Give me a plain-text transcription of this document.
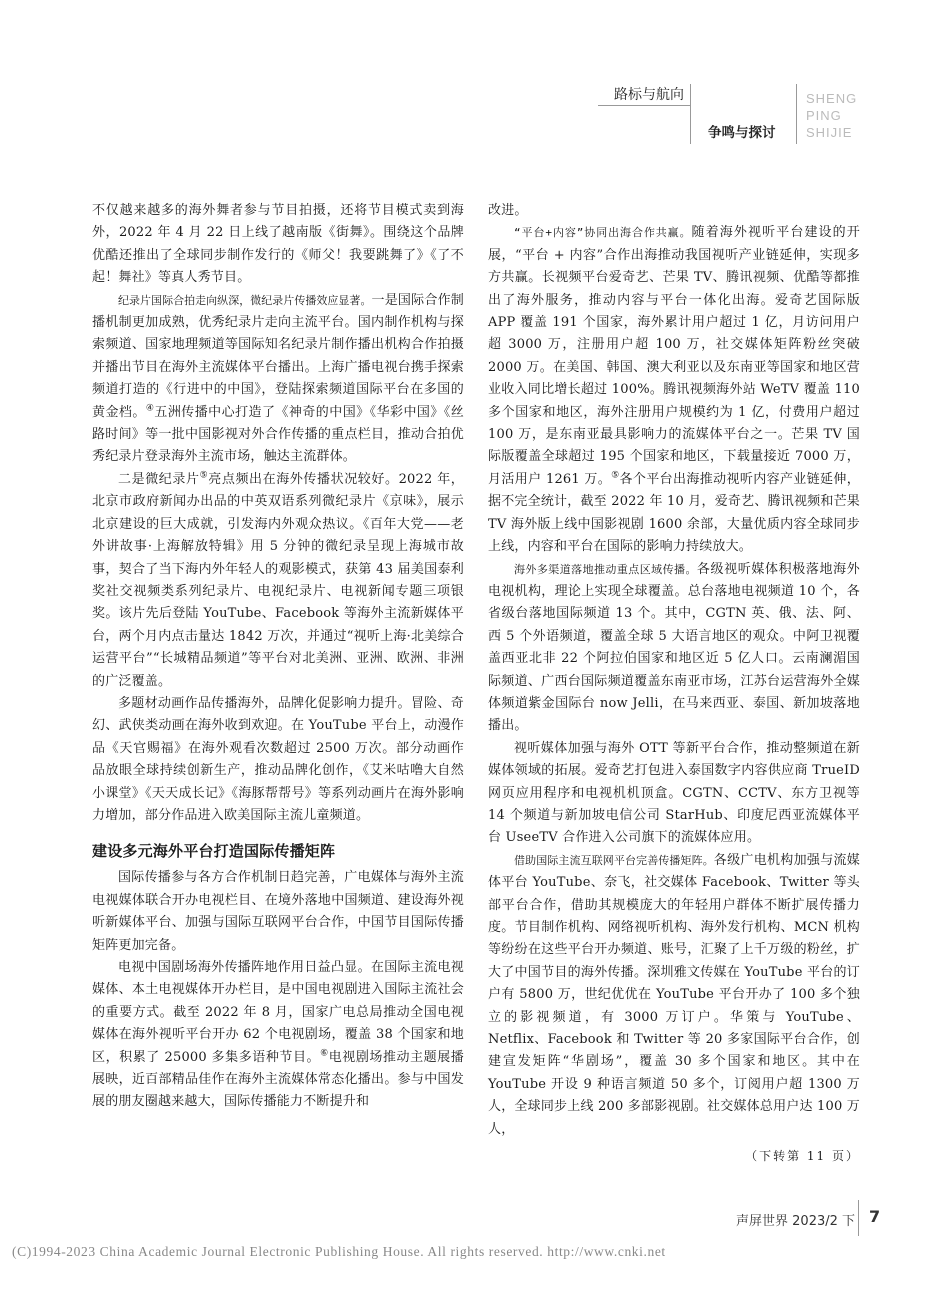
路标与航向
争鸣与探讨
SHENG
PING
SHIJIE

不仅越来越多的海外舞者参与节目拍摄，还将节目模式卖到海外，2022 年 4 月 22 日上线了越南版《街舞》。围绕这个品牌优酷还推出了全球同步制作发行的《师父！我要跳舞了》《了不起！舞社》等真人秀节目。

纪录片国际合拍走向纵深，微纪录片传播效应显著。一是国际合作制播机制更加成熟，优秀纪录片走向主流平台。国内制作机构与探索频道、国家地理频道等国际知名纪录片制作播出机构合作拍摄并播出节目在海外主流媒体平台播出。上海广播电视台携手探索频道打造的《行进中的中国》，登陆探索频道国际平台在多国的黄金档。④五洲传播中心打造了《神奇的中国》《华彩中国》《丝路时间》等一批中国影视对外合作传播的重点栏目，推动合拍优秀纪录片登录海外主流市场，触达主流群体。

二是微纪录片⑤亮点频出在海外传播状况较好。2022 年，北京市政府新闻办出品的中英双语系列微纪录片《京味》，展示北京建设的巨大成就，引发海内外观众热议。《百年大党——老外讲故事·上海解放特辑》用 5 分钟的微纪录呈现上海城市故事，契合了当下海内外年轻人的观影模式，获第 43 届美国泰利奖社交视频类系列纪录片、电视纪录片、电视新闻专题三项银奖。该片先后登陆 YouTube、Facebook 等海外主流新媒体平台，两个月内点击量达 1842 万次，并通过“视听上海·北美综合运营平台”“长城精品频道”等平台对北美洲、亚洲、欧洲、非洲的广泛覆盖。

多题材动画作品传播海外，品牌化促影响力提升。冒险、奇幻、武侠类动画在海外收到欢迎。在 YouTube 平台上，动漫作品《天官赐福》在海外观看次数超过 2500 万次。部分动画作品放眼全球持续创新生产，推动品牌化创作，《艾米咕噜大自然小课堂》《天天成长记》《海豚帮帮号》等系列动画片在海外影响力增加，部分作品进入欧美国际主流儿童频道。

建设多元海外平台打造国际传播矩阵

国际传播参与各方合作机制日趋完善，广电媒体与海外主流电视媒体联合开办电视栏目、在境外落地中国频道、建设海外视听新媒体平台、加强与国际互联网平台合作，中国节目国际传播矩阵更加完备。

电视中国剧场海外传播阵地作用日益凸显。在国际主流电视媒体、本土电视媒体开办栏目，是中国电视剧进入国际主流社会的重要方式。截至 2022 年 8 月，国家广电总局推动全国电视媒体在海外视听平台开办 62 个电视剧场，覆盖 38 个国家和地区，积累了 25000 多集多语种节目。⑥电视剧场推动主题展播展映，近百部精品佳作在海外主流媒体常态化播出。参与中国发展的朋友圈越来越大，国际传播能力不断提升和

改进。

“平台+内容”协同出海合作共赢。随着海外视听平台建设的开展，“平台 + 内容”合作出海推动我国视听产业链延伸，实现多方共赢。长视频平台爱奇艺、芒果 TV、腾讯视频、优酷等都推出了海外服务，推动内容与平台一体化出海。爱奇艺国际版 APP 覆盖 191 个国家，海外累计用户超过 1 亿，月访问用户超 3000 万，注册用户超 100 万，社交媒体矩阵粉丝突破 2000 万。在美国、韩国、澳大利亚以及东南亚等国家和地区营业收入同比增长超过 100%。腾讯视频海外站 WeTV 覆盖 110 多个国家和地区，海外注册用户规模约为 1 亿，付费用户超过 100 万，是东南亚最具影响力的流媒体平台之一。芒果 TV 国际版覆盖全球超过 195 个国家和地区，下载量接近 7000 万，月活用户 1261 万。⑤各个平台出海推动视听内容产业链延伸，据不完全统计，截至 2022 年 10 月，爱奇艺、腾讯视频和芒果 TV 海外版上线中国影视剧 1600 余部，大量优质内容全球同步上线，内容和平台在国际的影响力持续放大。

海外多渠道落地推动重点区域传播。各级视听媒体积极落地海外电视机构，理论上实现全球覆盖。总台落地电视频道 10 个，各省级台落地国际频道 13 个。其中，CGTN 英、俄、法、阿、西 5 个外语频道，覆盖全球 5 大语言地区的观众。中阿卫视覆盖西亚北非 22 个阿拉伯国家和地区近 5 亿人口。云南澜湄国际频道、广西台国际频道覆盖东南亚市场，江苏台运营海外全媒体频道紫金国际台 now Jelli，在马来西亚、泰国、新加坡落地播出。

视听媒体加强与海外 OTT 等新平台合作，推动整频道在新媒体领域的拓展。爱奇艺打包进入泰国数字内容供应商 TrueID 网页应用程序和电视机机顶盒。CGTN、CCTV、东方卫视等 14 个频道与新加坡电信公司 StarHub、印度尼西亚流媒体平台 UseeTV 合作进入公司旗下的流媒体应用。

借助国际主流互联网平台完善传播矩阵。各级广电机构加强与流媒体平台 YouTube、奈飞，社交媒体 Facebook、Twitter 等头部平台合作，借助其规模庞大的年轻用户群体不断扩展传播力度。节目制作机构、网络视听机构、海外发行机构、MCN 机构等纷纷在这些平台开办频道、账号，汇聚了上千万级的粉丝，扩大了中国节目的海外传播。深圳雅文传媒在 YouTube 平台的订户有 5800 万，世纪优优在 YouTube 平台开办了 100 多个独立的影视频道，有 3000 万订户。华策与 YouTube、Netflix、Facebook 和 Twitter 等 20 多家国际平台合作，创建宣发矩阵“华剧场”，覆盖 30 多个国家和地区。其中在 YouTube 开设 9 种语言频道 50 多个，订阅用户超 1300 万人，全球同步上线 200 多部影视剧。社交媒体总用户达 100 万人，

（下转第 11 页）

声屏世界 2023/2 下 7
(C)1994-2023 China Academic Journal Electronic Publishing House. All rights reserved. http://www.cnki.net
